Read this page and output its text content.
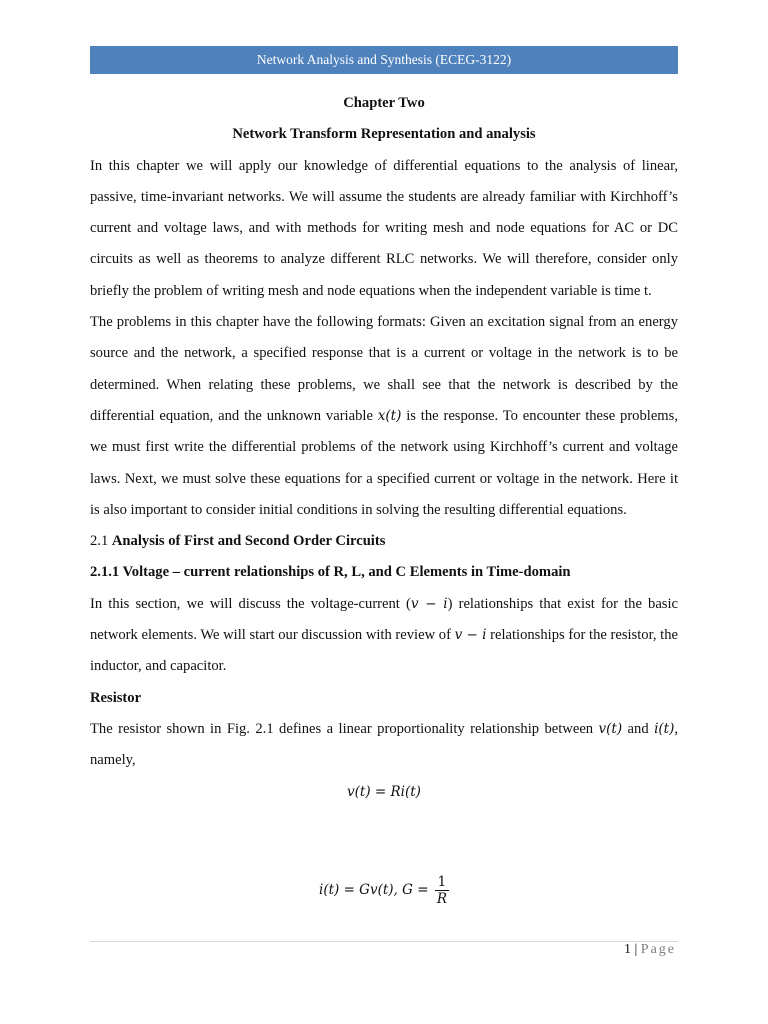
Network Analysis and Synthesis (ECEG-3122)
Chapter Two
Network Transform Representation and analysis
In this chapter we will apply our knowledge of differential equations to the analysis of linear, passive, time-invariant networks. We will assume the students are already familiar with Kirchhoff’s current and voltage laws, and with methods for writing mesh and node equations for AC or DC circuits as well as theorems to analyze different RLC networks. We will therefore, consider only briefly the problem of writing mesh and node equations when the independent variable is time t.
The problems in this chapter have the following formats: Given an excitation signal from an energy source and the network, a specified response that is a current or voltage in the network is to be determined. When relating these problems, we shall see that the network is described by the differential equation, and the unknown variable x(t) is the response. To encounter these problems, we must first write the differential problems of the network using Kirchhoff’s current and voltage laws. Next, we must solve these equations for a specified current or voltage in the network. Here it is also important to consider initial conditions in solving the resulting differential equations.
2.1 Analysis of First and Second Order Circuits
2.1.1 Voltage – current relationships of R, L, and C Elements in Time-domain
In this section, we will discuss the voltage-current (v − i) relationships that exist for the basic network elements. We will start our discussion with review of v − i relationships for the resistor, the inductor, and capacitor.
Resistor
The resistor shown in Fig. 2.1 defines a linear proportionality relationship between v(t) and i(t), namely,
v(t) = Ri(t)
i(t) = Gv(t), $G = \frac{1}{R}$
1 | Page
